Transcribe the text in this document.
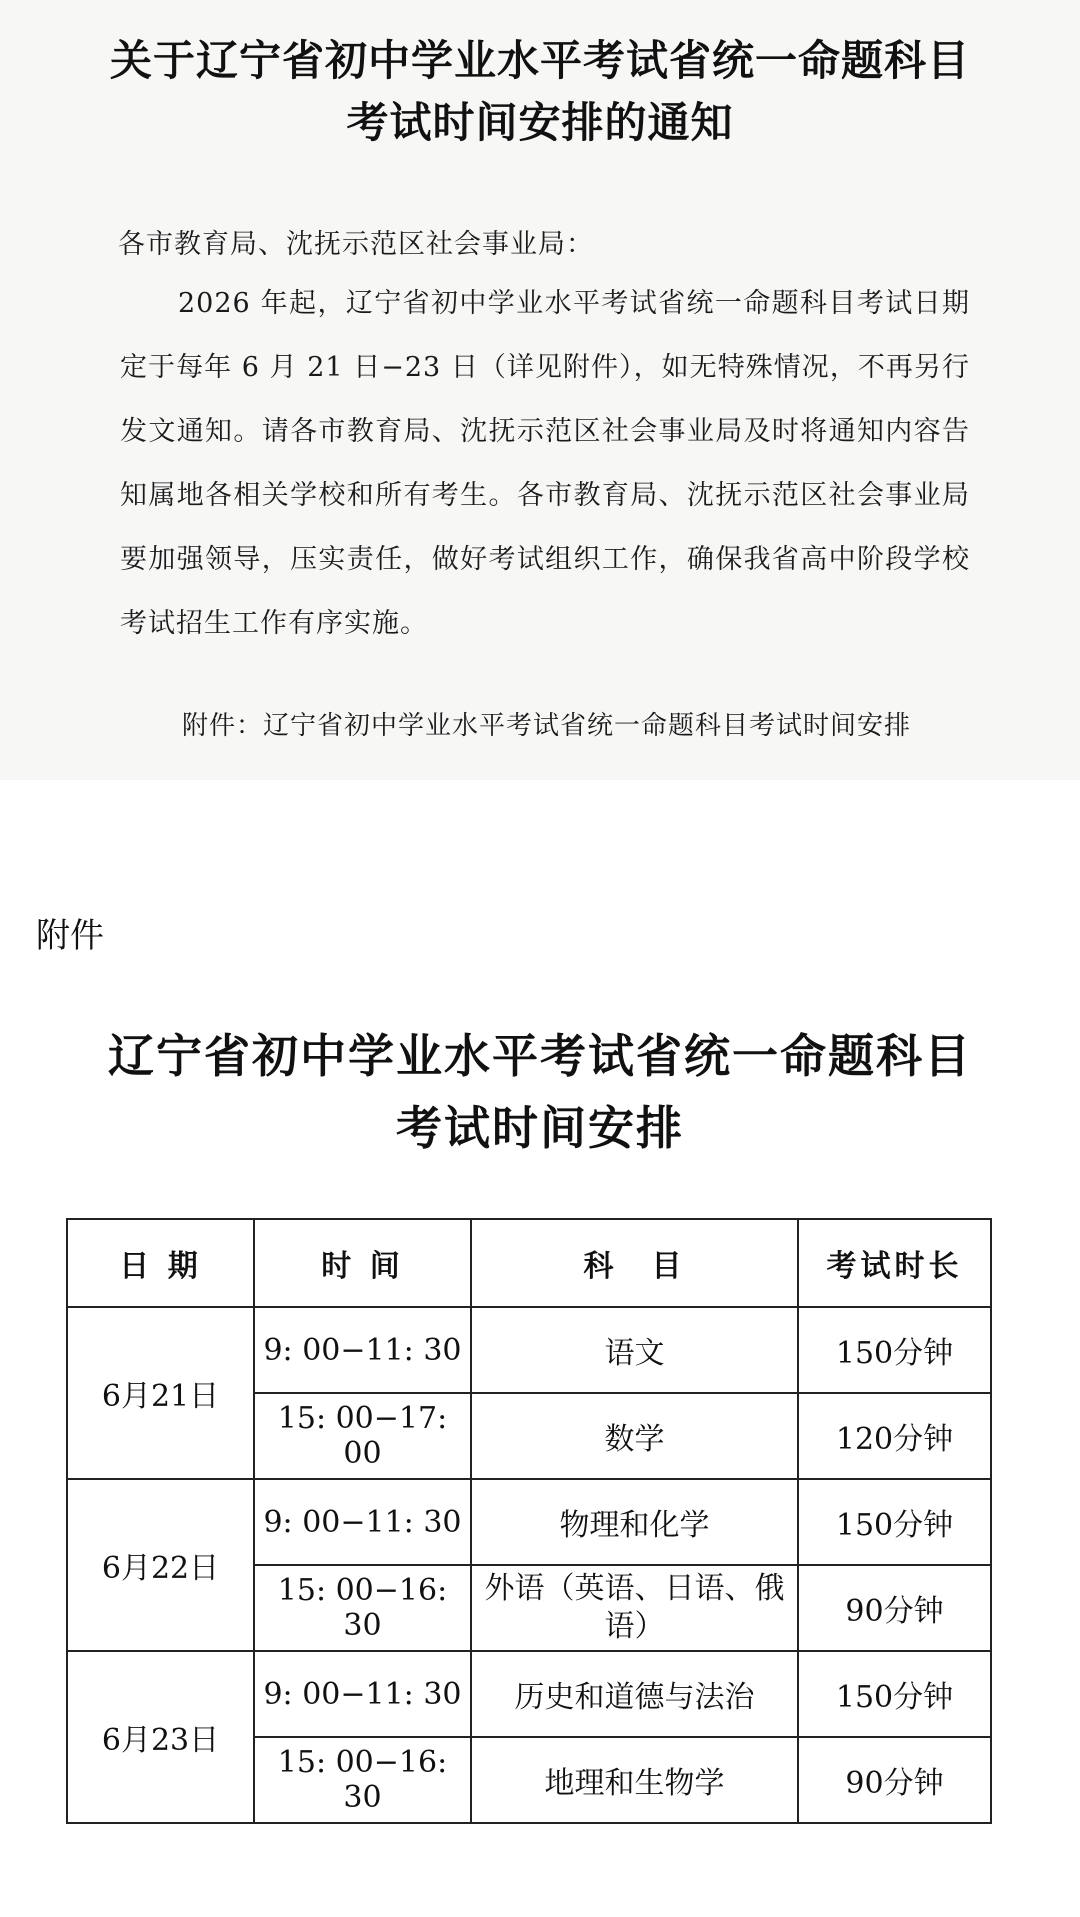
关于辽宁省初中学业水平考试省统一命题科目
考试时间安排的通知
各市教育局、沈抚示范区社会事业局：
2026 年起，辽宁省初中学业水平考试省统一命题科目考试日期定于每年 6 月 21 日−23 日（详见附件），如无特殊情况，不再另行发文通知。请各市教育局、沈抚示范区社会事业局及时将通知内容告知属地各相关学校和所有考生。各市教育局、沈抚示范区社会事业局要加强领导，压实责任，做好考试组织工作，确保我省高中阶段学校考试招生工作有序实施。
附件：辽宁省初中学业水平考试省统一命题科目考试时间安排
附件
辽宁省初中学业水平考试省统一命题科目
考试时间安排
日 期	时 间	科　目	考试时长
6月21日	9: 00−11: 30	语文	150分钟
	15: 00−17: 00	数学	120分钟
6月22日	9: 00−11: 30	物理和化学	150分钟
	15: 00−16: 30	外语（英语、日语、俄语）	90分钟
6月23日	9: 00−11: 30	历史和道德与法治	150分钟
	15: 00−16: 30	地理和生物学	90分钟
